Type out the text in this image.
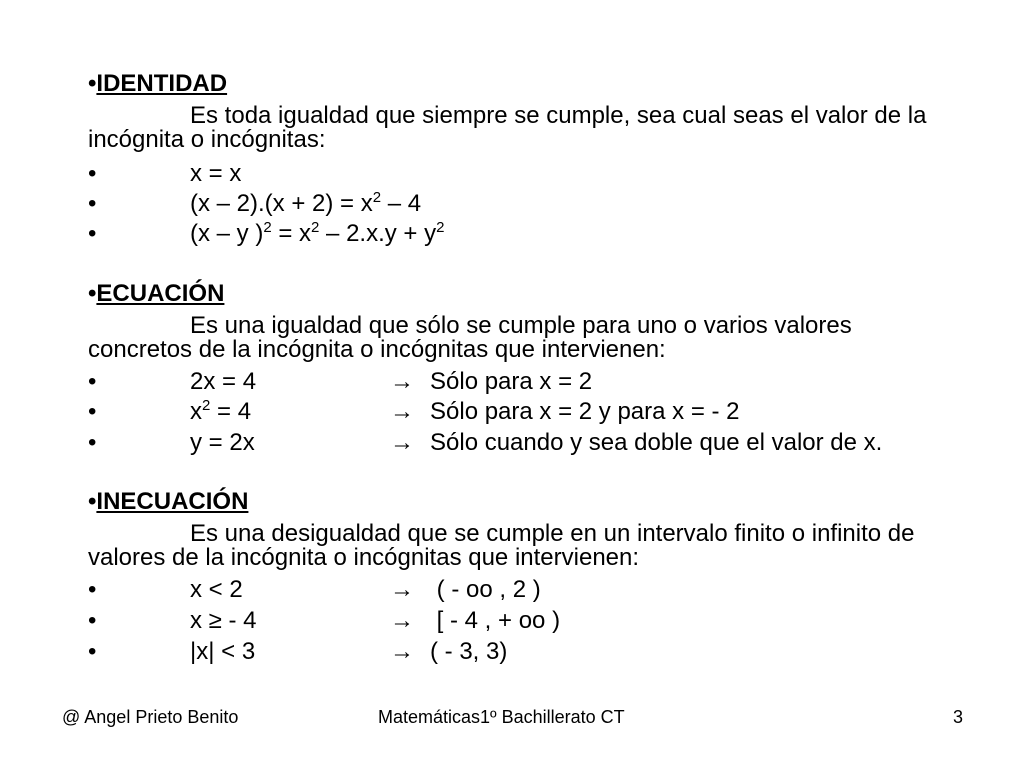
•IDENTIDAD
Es toda igualdad que siempre se cumple, sea cual seas el valor de la incógnita o incógnitas:
•	x = x
•	$(x - 2).(x + 2) = x^2 - 4$
•	(x – y )$^2 = x^2 - 2.x.y + y^2$
•ECUACIÓN
Es una igualdad que sólo se cumple para uno o varios valores concretos de la incógnita o incógnitas que intervienen:
•	2x = 4	→ Sólo para x = 2
•	$x^2 = 4$	→ Sólo para x = 2 y para x = - 2
•	y = 2x	→ Sólo cuando y sea doble que el valor de x.
•INECUACIÓN
Es una desigualdad que se cumple en un intervalo finito o infinito de valores de la incógnita o incógnitas que intervienen:
•	x < 2	→ ( - oo , 2 )
•	x ≥ - 4	→ [ - 4 , + oo )
•	|x| < 3	→ ( - 3, 3)
@ Angel Prieto Benito	Matemáticas1º Bachillerato CT	3
